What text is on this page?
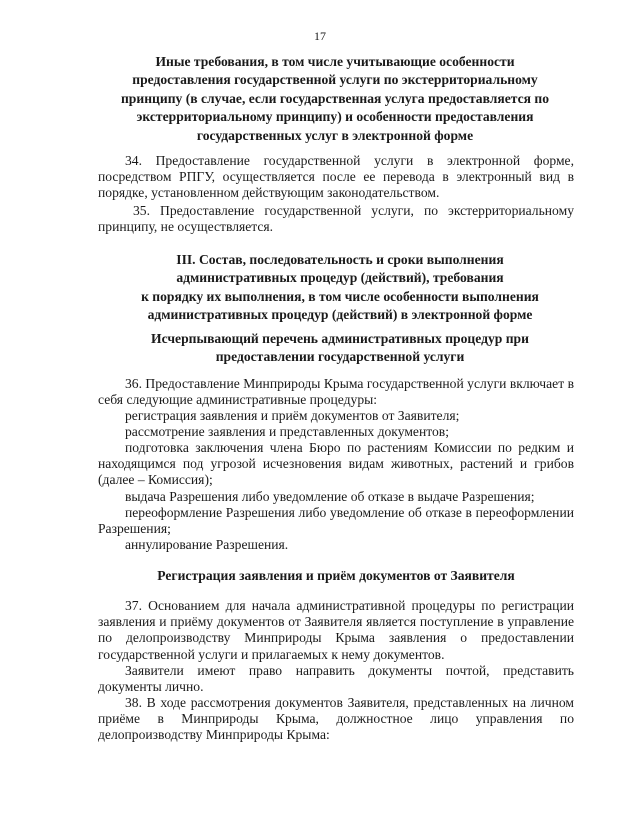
17
Иные требования, в том числе учитывающие особенности
предоставления государственной услуги по экстерриториальному
принципу (в случае, если государственная услуга предоставляется по
экстерриториальному принципу) и особенности предоставления
государственных услуг в электронной форме
34. Предоставление государственной услуги в электронной форме, посредством РПГУ, осуществляется после ее перевода в электронный вид в порядке, установленном действующим законодательством.
35. Предоставление государственной услуги, по экстерриториальному принципу, не осуществляется.
III. Состав, последовательность и сроки выполнения
административных процедур (действий), требования
к порядку их выполнения, в том числе особенности выполнения
административных процедур (действий) в электронной форме
Исчерпывающий перечень административных процедур при
предоставлении государственной услуги
36. Предоставление Минприроды Крыма государственной услуги включает в себя следующие административные процедуры:
регистрация заявления и приём документов от Заявителя;
рассмотрение заявления и представленных документов;
подготовка заключения члена Бюро по растениям Комиссии по редким и находящимся под угрозой исчезновения видам животных, растений и грибов (далее – Комиссия);
выдача Разрешения либо уведомление об отказе в выдаче Разрешения;
переоформление Разрешения либо уведомление об отказе в переоформлении Разрешения;
аннулирование Разрешения.
Регистрация заявления и приём документов от Заявителя
37. Основанием для начала административной процедуры по регистрации заявления и приёму документов от Заявителя является поступление в управление по делопроизводству Минприроды Крыма заявления о предоставлении государственной услуги и прилагаемых к нему документов.
Заявители имеют право направить документы почтой, представить документы лично.
38. В ходе рассмотрения документов Заявителя, представленных на личном приёме в Минприроды Крыма, должностное лицо управления по делопроизводству Минприроды Крыма:
